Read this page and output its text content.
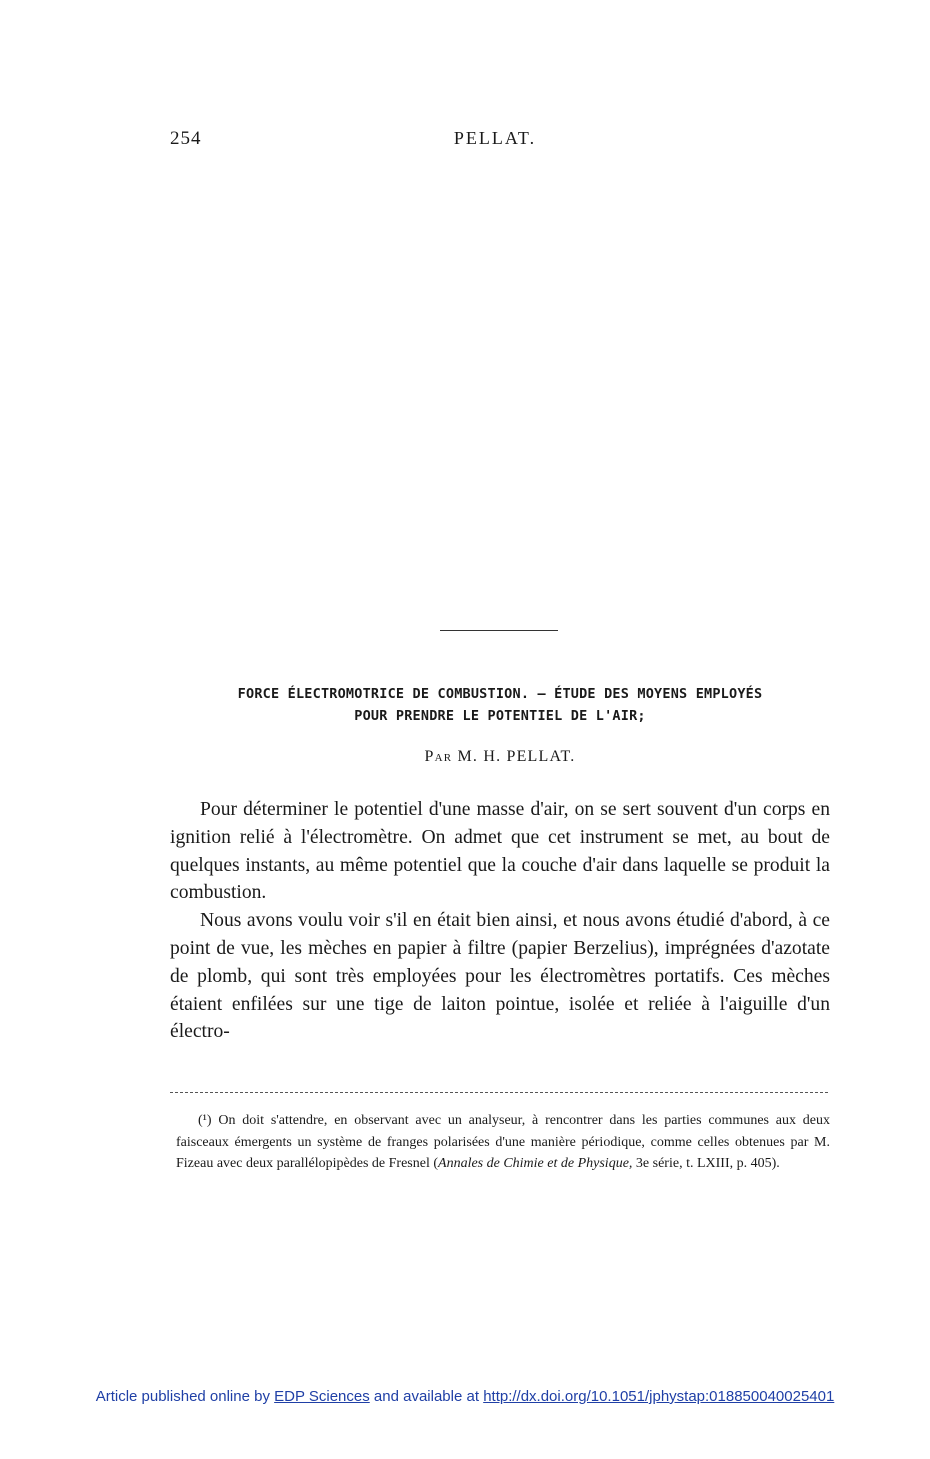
254	PELLAT.
FORCE ÉLECTROMOTRICE DE COMBUSTION. — ÉTUDE DES MOYENS EMPLOYÉS
POUR PRENDRE LE POTENTIEL DE L'AIR;
Par M. H. PELLAT.

Pour déterminer le potentiel d'une masse d'air, on se sert souvent d'un corps en ignition relié à l'électromètre. On admet que cet instrument se met, au bout de quelques instants, au même potentiel que la couche d'air dans laquelle se produit la combustion.

Nous avons voulu voir s'il en était bien ainsi, et nous avons étudié d'abord, à ce point de vue, les mèches en papier à filtre (papier Berzelius), imprégnées d'azotate de plomb, qui sont très employées pour les électromètres portatifs. Ces mèches étaient enfilées sur une tige de laiton pointue, isolée et reliée à l'aiguille d'un électro-

(¹) On doit s'attendre, en observant avec un analyseur, à rencontrer dans les parties communes aux deux faisceaux émergents un système de franges polarisées d'une manière périodique, comme celles obtenues par M. Fizeau avec deux parallélopipèdes de Fresnel (Annales de Chimie et de Physique, 3e série, t. LXIII, p. 405).
Article published online by EDP Sciences and available at http://dx.doi.org/10.1051/jphystap:018850040025401
